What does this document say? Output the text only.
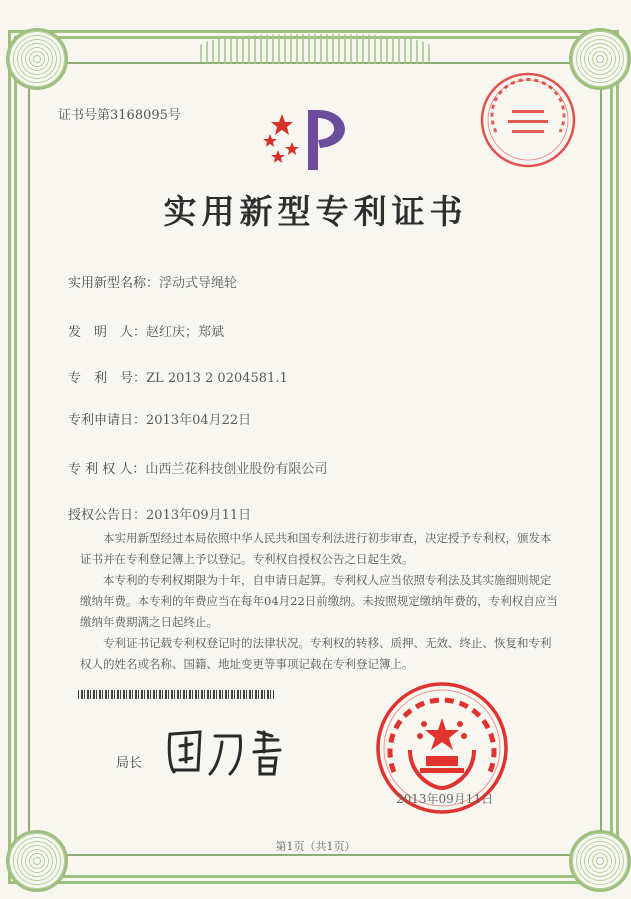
证书号第3168095号
实用新型专利证书
实用新型名称：浮动式导绳轮
发　明　人：赵红庆；郑斌
专　利　号：ZL 2013 2 0204581.1
专利申请日：2013年04月22日
专 利 权 人：山西兰花科技创业股份有限公司
授权公告日：2013年09月11日

本实用新型经过本局依照中华人民共和国专利法进行初步审查，决定授予专利权，颁发本证书并在专利登记簿上予以登记。专利权自授权公告之日起生效。

本专利的专利权期限为十年，自申请日起算。专利权人应当依照专利法及其实施细则规定缴纳年费。本专利的年费应当在每年04月22日前缴纳。未按照规定缴纳年费的，专利权自应当缴纳年费期满之日起终止。

专利证书记载专利权登记时的法律状况。专利权的转移、质押、无效、终止、恢复和专利权人的姓名或名称、国籍、地址变更等事项记载在专利登记簿上。

局长
2013年09月11日
第1页（共1页）
